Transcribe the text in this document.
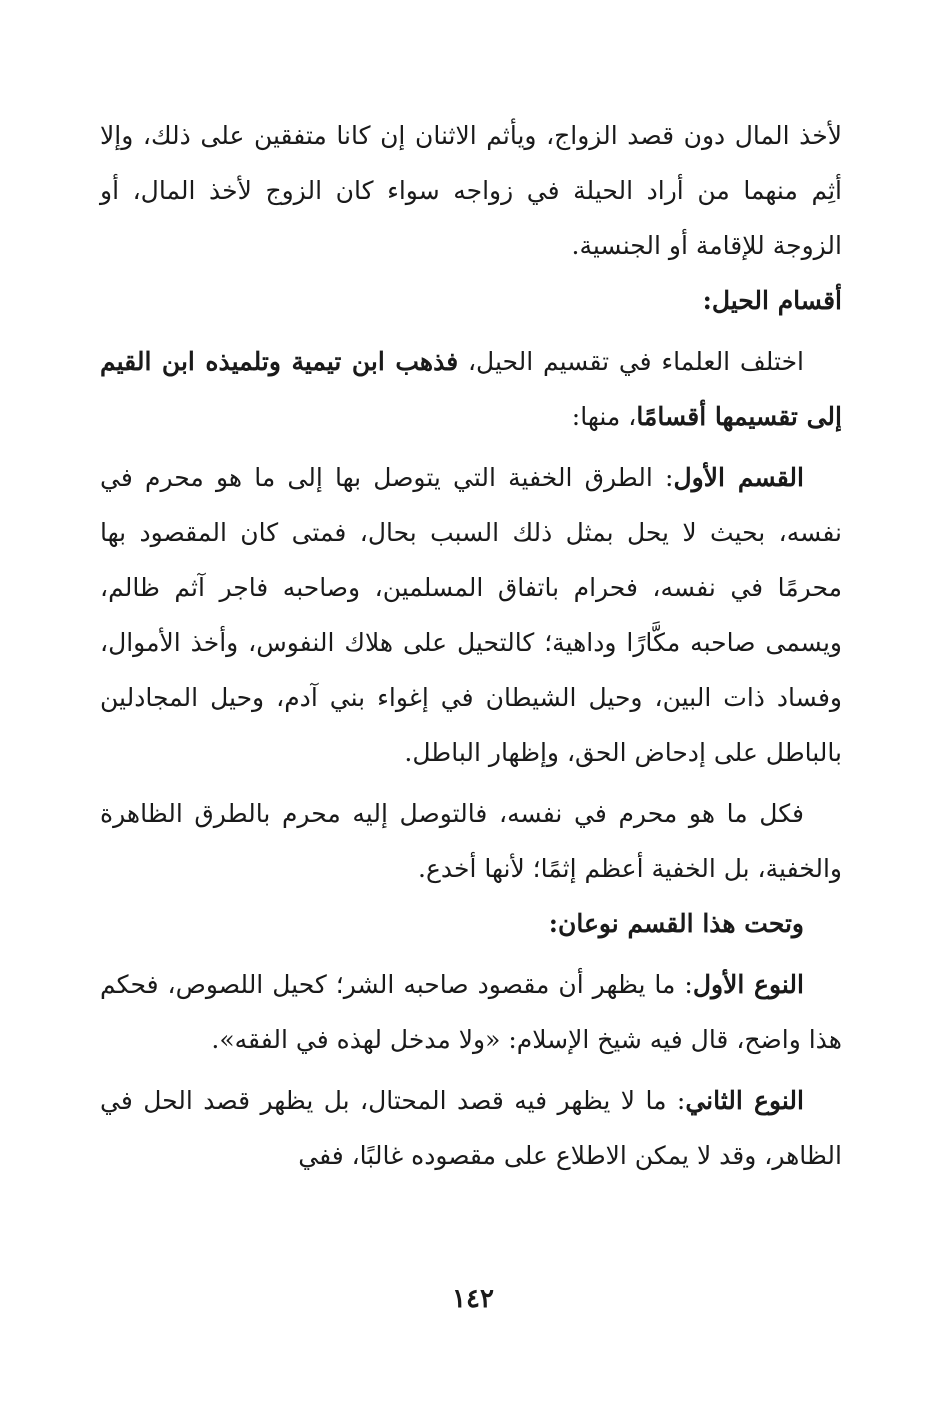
لأخذ المال دون قصد الزواج، ويأثم الاثنان إن كانا متفقين على ذلك، وإلا أثِم منهما من أراد الحيلة في زواجه سواء كان الزوج لأخذ المال، أو الزوجة للإقامة أو الجنسية.

أقسام الحيل:

اختلف العلماء في تقسيم الحيل، فذهب ابن تيمية وتلميذه ابن القيم إلى تقسيمها أقسامًا، منها:

القسم الأول: الطرق الخفية التي يتوصل بها إلى ما هو محرم في نفسه، بحيث لا يحل بمثل ذلك السبب بحال، فمتى كان المقصود بها محرمًا في نفسه، فحرام باتفاق المسلمين، وصاحبه فاجر آثم ظالم، ويسمى صاحبه مكَّارًا وداهية؛ كالتحيل على هلاك النفوس، وأخذ الأموال، وفساد ذات البين، وحيل الشيطان في إغواء بني آدم، وحيل المجادلين بالباطل على إدحاض الحق، وإظهار الباطل.

فكل ما هو محرم في نفسه، فالتوصل إليه محرم بالطرق الظاهرة والخفية، بل الخفية أعظم إثمًا؛ لأنها أخدع.

وتحت هذا القسم نوعان:

النوع الأول: ما يظهر أن مقصود صاحبه الشر؛ كحيل اللصوص، فحكم هذا واضح، قال فيه شيخ الإسلام: «ولا مدخل لهذه في الفقه».

النوع الثاني: ما لا يظهر فيه قصد المحتال، بل يظهر قصد الحل في الظاهر، وقد لا يمكن الاطلاع على مقصوده غالبًا، ففي

١٤٢
